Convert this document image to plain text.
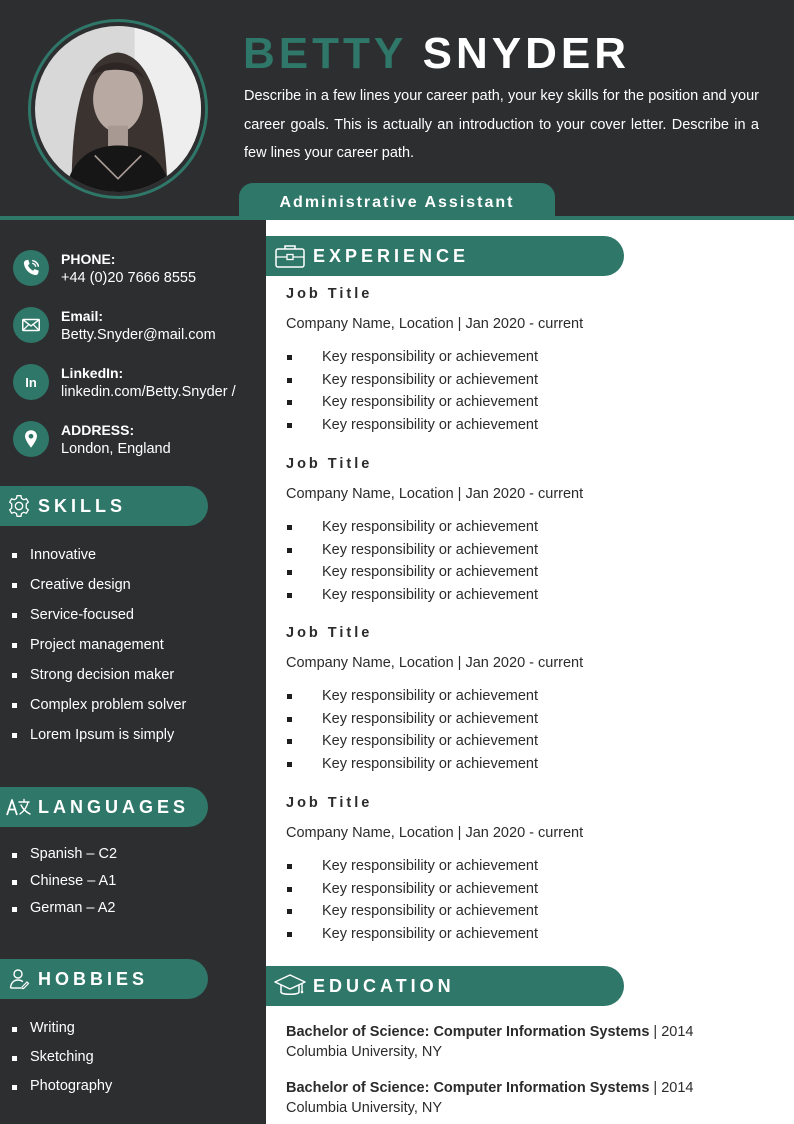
BETTY SNYDER
Describe in a few lines your career path, your key skills for the position and your career goals. This is actually an introduction to your cover letter. Describe in a few lines your career path.
Administrative Assistant
PHONE:
+44 (0)20 7666 8555
Email:
Betty.Snyder@mail.com
In
LinkedIn:
linkedin.com/Betty.Snyder /
ADDRESS:
London, England
SKILLS
Innovative
Creative design
Service-focused
Project management
Strong decision maker
Complex problem solver
Lorem Ipsum is simply
LANGUAGES
Spanish – C2
Chinese – A1
German – A2
HOBBIES
Writing
Sketching
Photography
EXPERIENCE
Job Title
Company Name, Location | Jan 2020 - current
Key responsibility or achievement
Key responsibility or achievement
Key responsibility or achievement
Key responsibility or achievement
Job Title
Company Name, Location | Jan 2020 - current
Key responsibility or achievement
Key responsibility or achievement
Key responsibility or achievement
Key responsibility or achievement
Job Title
Company Name, Location | Jan 2020 - current
Key responsibility or achievement
Key responsibility or achievement
Key responsibility or achievement
Key responsibility or achievement
Job Title
Company Name, Location | Jan 2020 - current
Key responsibility or achievement
Key responsibility or achievement
Key responsibility or achievement
Key responsibility or achievement
EDUCATION
Bachelor of Science: Computer Information Systems | 2014
Columbia University, NY
Bachelor of Science: Computer Information Systems | 2014
Columbia University, NY
